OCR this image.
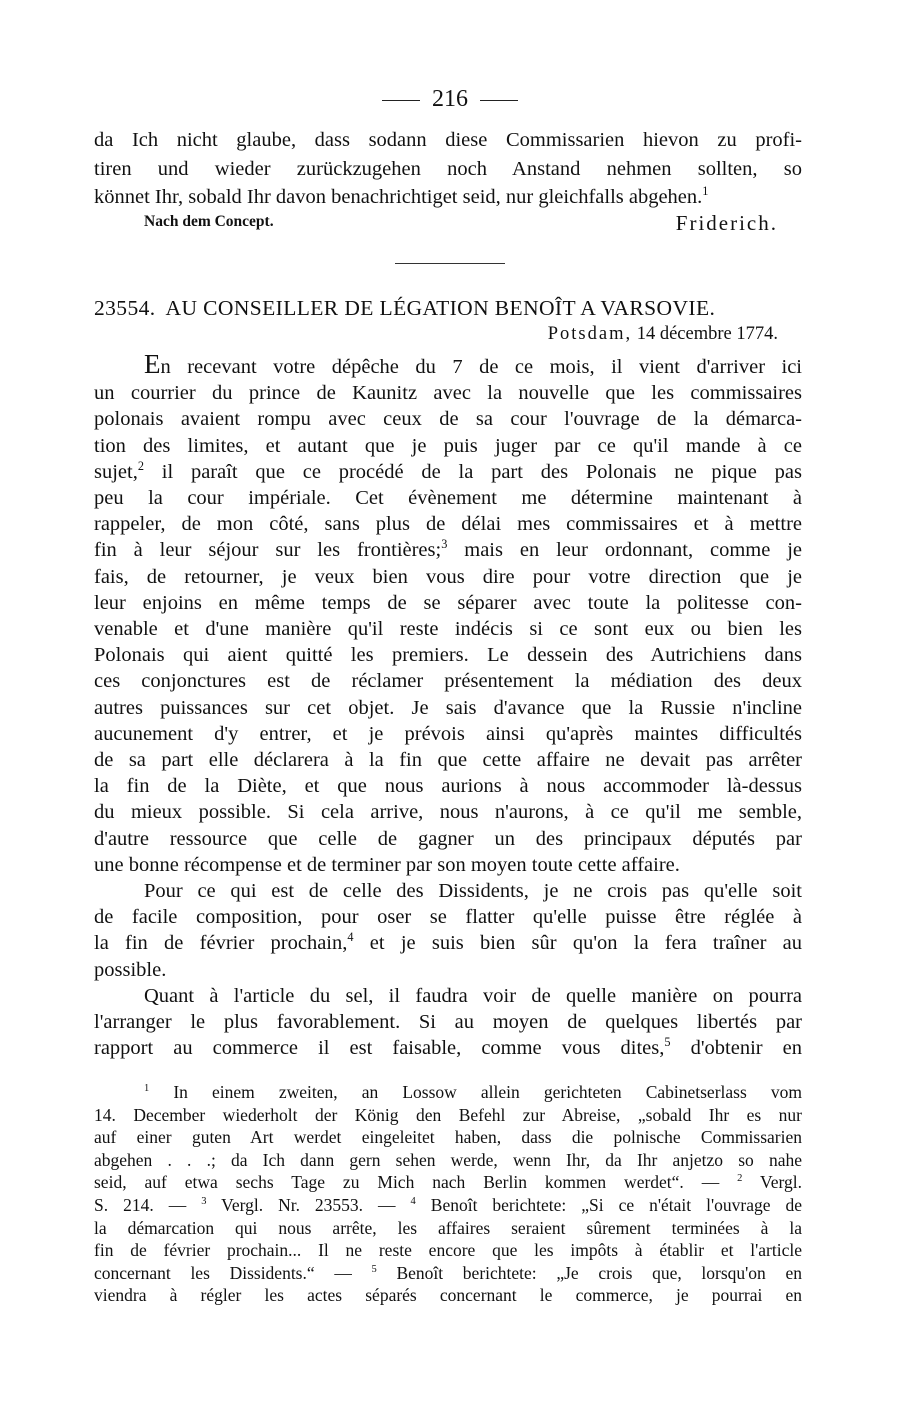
216
da Ich nicht glaube, dass sodann diese Commissarien hievon zu profi-
tiren und wieder zurückzugehen noch Anstand nehmen sollten, so
könnet Ihr, sobald Ihr davon benachrichtiget seid, nur gleichfalls abgehen.$^1$
Nach dem Concept.	Friderich.
23554. AU CONSEILLER DE LÉGATION BENOÎT A VARSOVIE.
Potsdam, 14 décembre 1774.

En recevant votre dépêche du 7 de ce mois, il vient d'arriver ici
un courrier du prince de Kaunitz avec la nouvelle que les commissaires
polonais avaient rompu avec ceux de sa cour l'ouvrage de la démarca-
tion des limites, et autant que je puis juger par ce qu'il mande à ce
sujet,$^2$ il paraît que ce procédé de la part des Polonais ne pique pas
peu la cour impériale. Cet évènement me détermine maintenant à
rappeler, de mon côté, sans plus de délai mes commissaires et à mettre
fin à leur séjour sur les frontières;$^3$ mais en leur ordonnant, comme je
fais, de retourner, je veux bien vous dire pour votre direction que je
leur enjoins en même temps de se séparer avec toute la politesse con-
venable et d'une manière qu'il reste indécis si ce sont eux ou bien les
Polonais qui aient quitté les premiers. Le dessein des Autrichiens dans
ces conjonctures est de réclamer présentement la médiation des deux
autres puissances sur cet objet. Je sais d'avance que la Russie n'incline
aucunement d'y entrer, et je prévois ainsi qu'après maintes difficultés
de sa part elle déclarera à la fin que cette affaire ne devait pas arrêter
la fin de la Diète, et que nous aurions à nous accommoder là-dessus
du mieux possible. Si cela arrive, nous n'aurons, à ce qu'il me semble,
d'autre ressource que celle de gagner un des principaux députés par
une bonne récompense et de terminer par son moyen toute cette affaire.

Pour ce qui est de celle des Dissidents, je ne crois pas qu'elle soit
de facile composition, pour oser se flatter qu'elle puisse être réglée à
la fin de février prochain,$^4$ et je suis bien sûr qu'on la fera traîner au
possible.

Quant à l'article du sel, il faudra voir de quelle manière on pourra
l'arranger le plus favorablement. Si au moyen de quelques libertés par
rapport au commerce il est faisable, comme vous dites,$^5$ d'obtenir en

$^1$ In einem zweiten, an Lossow allein gerichteten Cabinetserlass vom
14. December wiederholt der König den Befehl zur Abreise, „sobald Ihr es nur
auf einer guten Art werdet eingeleitet haben, dass die polnische Commissarien
abgehen . . .; da Ich dann gern sehen werde, wenn Ihr, da Ihr anjetzo so nahe
seid, auf etwa sechs Tage zu Mich nach Berlin kommen werdet“. — $^2$ Vergl.
S. 214. — $^3$ Vergl. Nr. 23553. — $^4$ Benoît berichtete: „Si ce n'était l'ouvrage de
la démarcation qui nous arrête, les affaires seraient sûrement terminées à la
fin de février prochain... Il ne reste encore que les impôts à établir et l'article
concernant les Dissidents.“ — $^5$ Benoît berichtete: „Je crois que, lorsqu'on en
viendra à régler les actes séparés concernant le commerce, je pourrai en
